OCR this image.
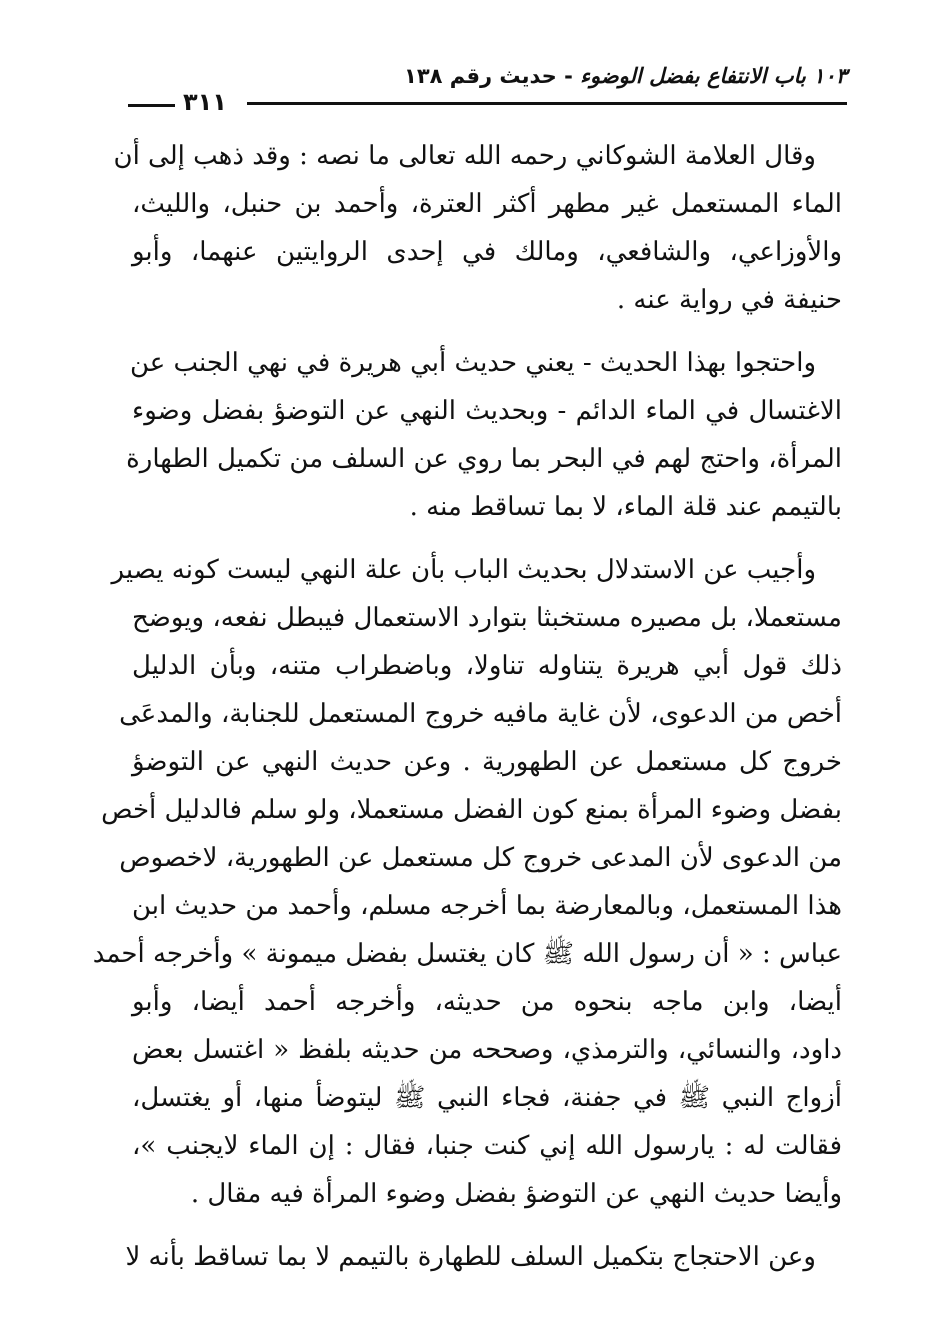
١٠٣ باب الانتفاع بفضل الوضوء - حديث رقم ١٣٨
٣١١
وقال العلامة الشوكاني رحمه الله تعالى ما نصه : وقد ذهب إلى أن
الماء المستعمل غير مطهر أكثر العترة، وأحمد بن حنبل، والليث،
والأوزاعي، والشافعي، ومالك في إحدى الروايتين عنهما، وأبو
حنيفة في رواية عنه .
واحتجوا بهذا الحديث - يعني حديث أبي هريرة في نهي الجنب عن
الاغتسال في الماء الدائم - وبحديث النهي عن التوضؤ بفضل وضوء
المرأة، واحتج لهم في البحر بما روي عن السلف من تكميل الطهارة
بالتيمم عند قلة الماء، لا بما تساقط منه .
وأجيب عن الاستدلال بحديث الباب بأن علة النهي ليست كونه يصير
مستعملا، بل مصيره مستخبثا بتوارد الاستعمال فيبطل نفعه، ويوضح
ذلك قول أبي هريرة يتناوله تناولا، وباضطراب متنه، وبأن الدليل
أخص من الدعوى، لأن غاية مافيه خروج المستعمل للجنابة، والمدعَى
خروج كل مستعمل عن الطهورية . وعن حديث النهي عن التوضؤ
بفضل وضوء المرأة بمنع كون الفضل مستعملا، ولو سلم فالدليل أخص
من الدعوى لأن المدعى خروج كل مستعمل عن الطهورية، لاخصوص
هذا المستعمل، وبالمعارضة بما أخرجه مسلم، وأحمد من حديث ابن
عباس : « أن رسول الله ﷺ كان يغتسل بفضل ميمونة » وأخرجه أحمد
أيضا، وابن ماجه بنحوه من حديثه، وأخرجه أحمد أيضا، وأبو
داود، والنسائي، والترمذي، وصححه من حديثه بلفظ « اغتسل بعض
أزواج النبي ﷺ في جفنة، فجاء النبي ﷺ ليتوضأ منها، أو يغتسل،
فقالت له : يارسول الله إني كنت جنبا، فقال : إن الماء لايجنب »،
وأيضا حديث النهي عن التوضؤ بفضل وضوء المرأة فيه مقال .
وعن الاحتجاج بتكميل السلف للطهارة بالتيمم لا بما تساقط بأنه لا
